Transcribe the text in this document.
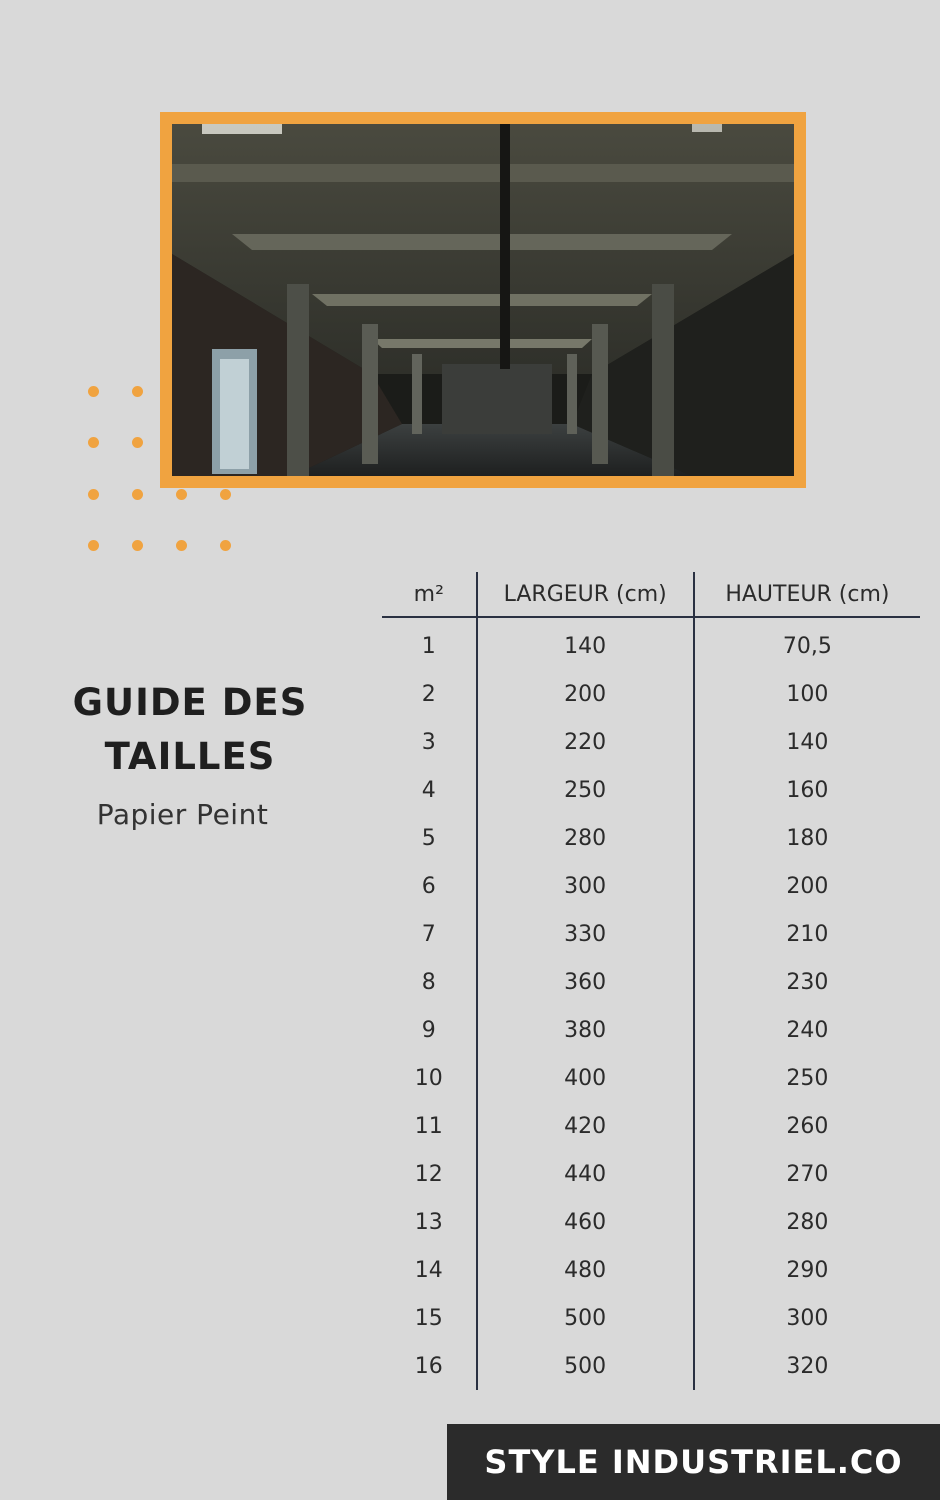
GUIDE DES
TAILLES

Papier Peint

m²	LARGEUR (cm)	HAUTEUR (cm)
1	140	70,5
2	200	100
3	220	140
4	250	160
5	280	180
6	300	200
7	330	210
8	360	230
9	380	240
10	400	250
11	420	260
12	440	270
13	460	280
14	480	290
15	500	300
16	500	320
STYLE INDUSTRIEL.CO
